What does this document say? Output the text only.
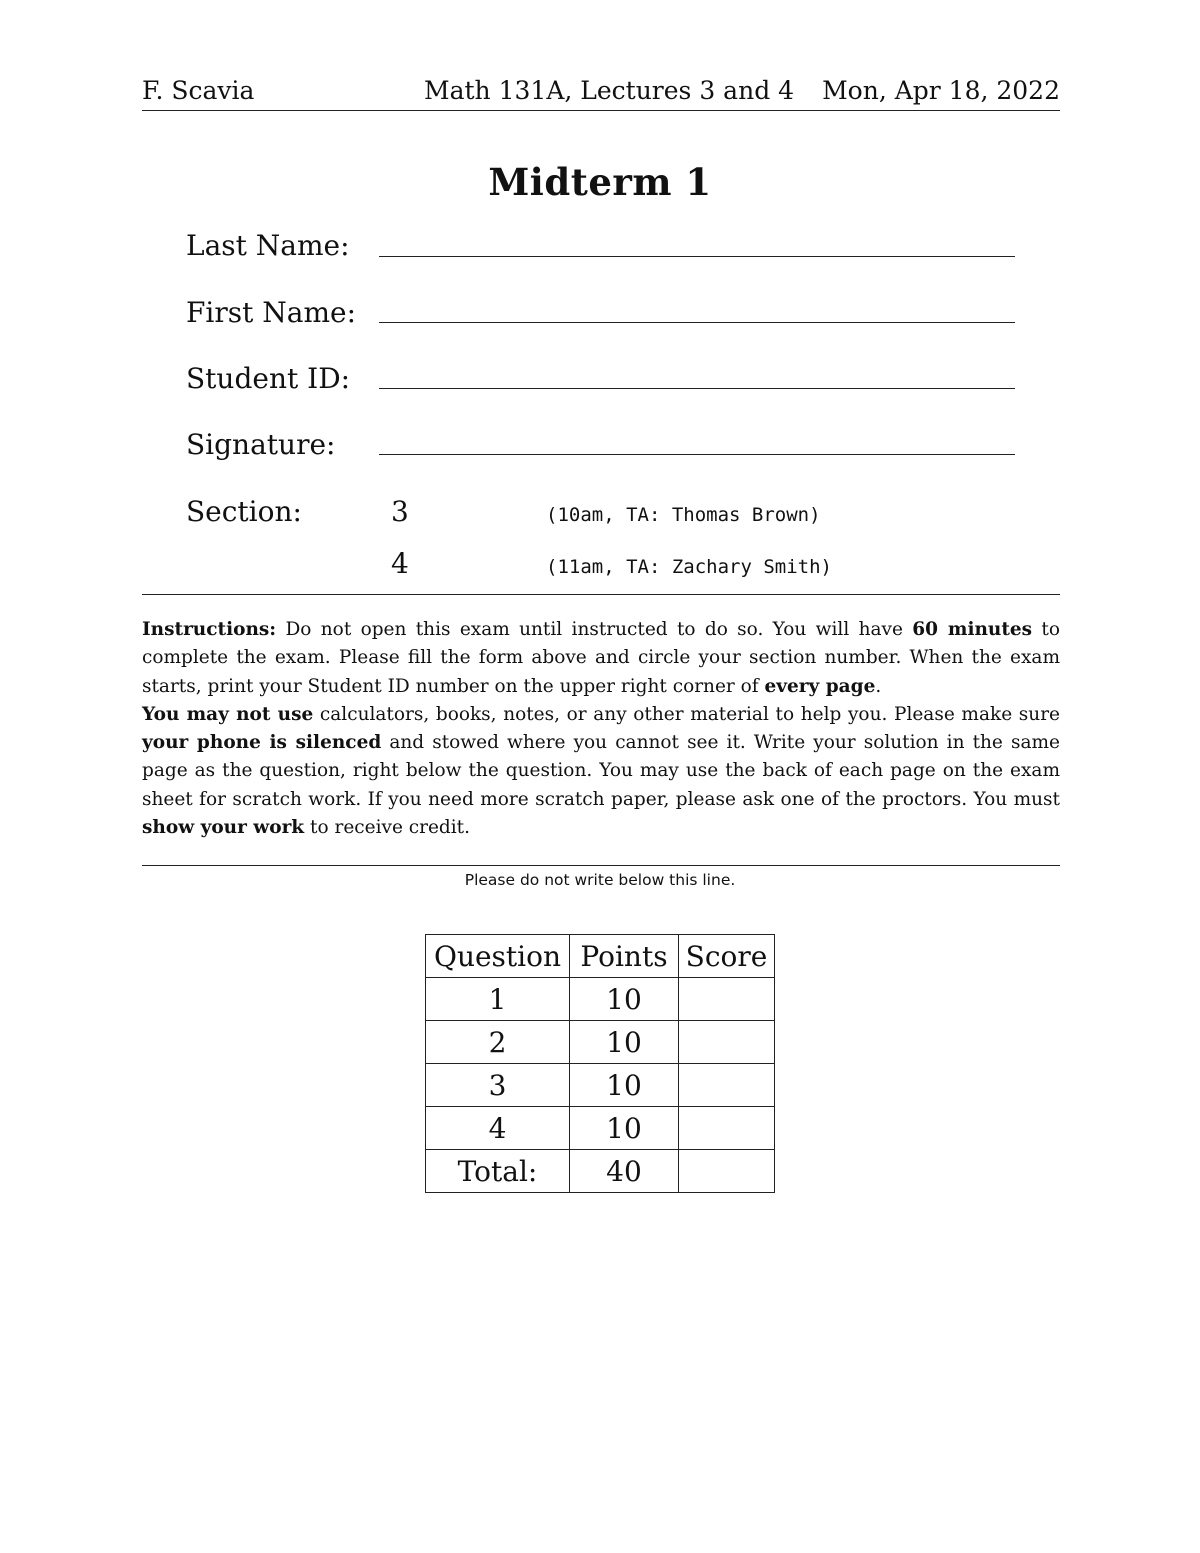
F. Scavia	Math 131A, Lectures 3 and 4 Mon, Apr 18, 2022
Midterm 1
Last Name:
First Name:
Student ID:
Signature:
Section:	3	(10am, TA: Thomas Brown)
4	(11am, TA: Zachary Smith)
Instructions: Do not open this exam until instructed to do so. You will have 60 minutes to complete the exam. Please fill the form above and circle your section number. When the exam starts, print your Student ID number on the upper right corner of every page.
You may not use calculators, books, notes, or any other material to help you. Please make sure your phone is silenced and stowed where you cannot see it. Write your solution in the same page as the question, right below the question. You may use the back of each page on the exam sheet for scratch work. If you need more scratch paper, please ask one of the proctors. You must show your work to receive credit.
Please do not write below this line.
Question	Points	Score
1	10	
2	10	
3	10	
4	10	
Total:	40	
